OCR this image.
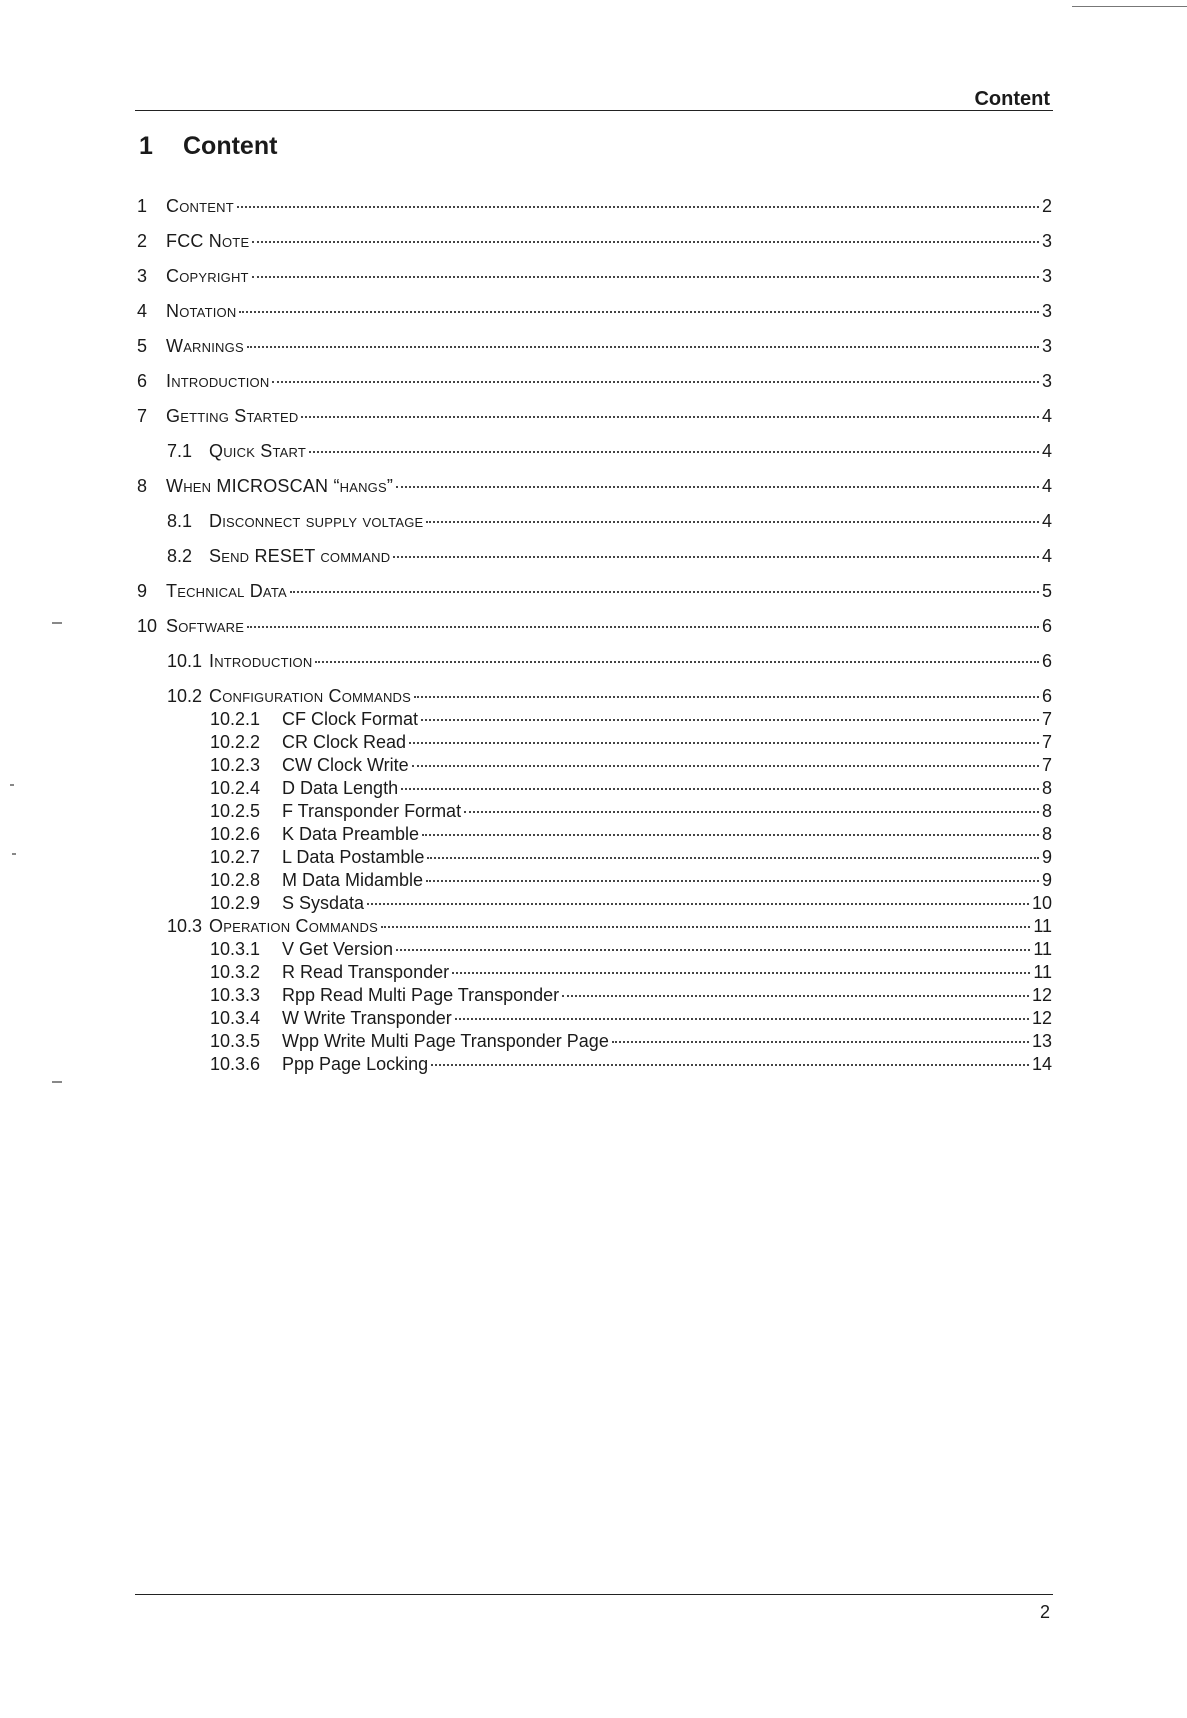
Content
1 Content
1	Content	2
2	FCC Note	3
3	Copyright	3
4	Notation	3
5	Warnings	3
6	Introduction	3
7	Getting Started	4
7.1 Quick Start	4
8	When MICROSCAN “hangs”	4
8.1 Disconnect supply voltage	4
8.2 Send RESET command	4
9	Technical Data	5
10 Software	6
10.1 Introduction	6
10.2 Configuration Commands	6
10.2.1	CF Clock Format	7
10.2.2	CR Clock Read	7
10.2.3	CW Clock Write	7
10.2.4	D Data Length	8
10.2.5	F Transponder Format	8
10.2.6	K Data Preamble	8
10.2.7	L Data Postamble	9
10.2.8	M Data Midamble	9
10.2.9	S Sysdata	10
10.3 Operation Commands	11
10.3.1	V Get Version	11
10.3.2	R Read Transponder	11
10.3.3	Rpp Read Multi Page Transponder	12
10.3.4	W Write Transponder	12
10.3.5	Wpp Write Multi Page Transponder Page	13
10.3.6	Ppp Page Locking	14
2
